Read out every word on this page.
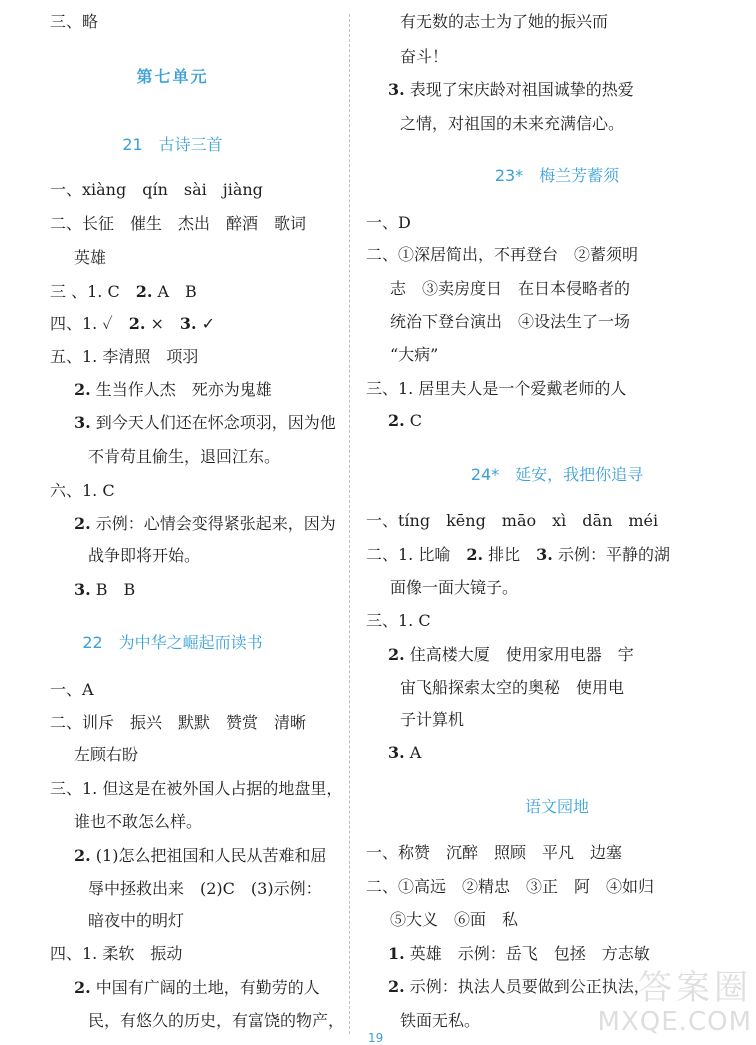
三、略
第七单元
21　古诗三首
一、xiàng　qín　sài　jiàng
二、长征　催生　杰出　醉酒　歌词
英雄
三 、1. C　2. A　B
四、1. ✓　2. ×　3. ✓
五、1. 李清照　项羽
2. 生当作人杰　死亦为鬼雄
3. 到今天人们还在怀念项羽，因为他
不肯苟且偷生，退回江东。
六、1. C
2. 示例：心情会变得紧张起来，因为
战争即将开始。
3. B　B
22　为中华之崛起而读书
一、A
二、训斥　振兴　默默　赞赏　清晰
左顾右盼
三、1. 但这是在被外国人占据的地盘里，
谁也不敢怎么样。
2. (1)怎么把祖国和人民从苦难和屈
辱中拯救出来　(2)C　(3)示例：
暗夜中的明灯
四、1. 柔软　振动
2. 中国有广阔的土地，有勤劳的人
民，有悠久的历史，有富饶的物产，
有无数的志士为了她的振兴而
奋斗！
3. 表现了宋庆龄对祖国诚挚的热爱
之情，对祖国的未来充满信心。
23*　梅兰芳蓄须
一、D
二、①深居简出，不再登台　②蓄须明
志　③卖房度日　在日本侵略者的
统治下登台演出　④设法生了一场
“大病”
三、1. 居里夫人是一个爱戴老师的人
2. C
24*　延安，我把你追寻
一、tíng　kēng　māo　xì　dān　méi
二、1. 比喻　2. 排比　3. 示例：平静的湖
面像一面大镜子。
三、1. C
2. 住高楼大厦　使用家用电器　宇
宙飞船探索太空的奥秘　使用电
子计算机
3. A
语文园地
一、称赞　沉醉　照顾　平凡　边塞
二、①高远　②精忠　③正　阿　④如归
⑤大义　⑥面　私
1. 英雄　示例：岳飞　包拯　方志敏
2. 示例：执法人员要做到公正执法，
铁面无私。
19
答案圈
MXQE.COM
